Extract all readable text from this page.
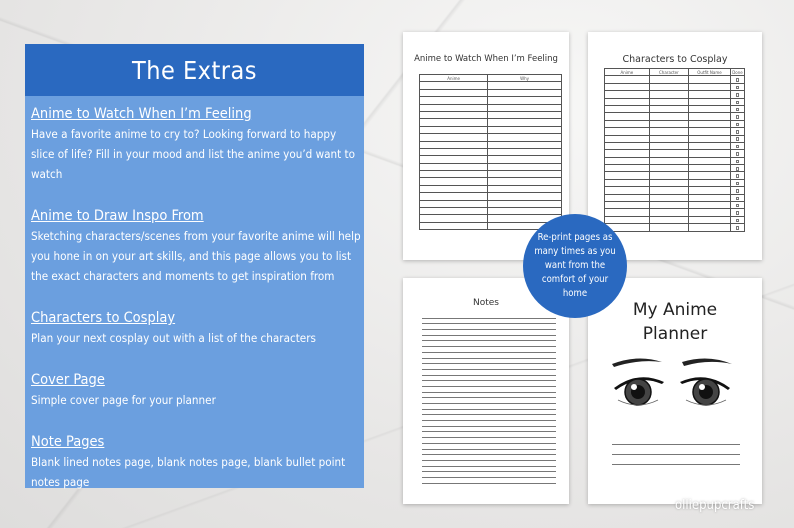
The Extras
Anime to Watch When I’m Feeling
Have a favorite anime to cry to? Looking forward to happy slice of life? Fill in your mood and list the anime you’d want to watch
Anime to Draw Inspo From
Sketching characters/scenes from your favorite anime will help you hone in on your art skills, and this page allows you to list the exact characters and moments to get inspiration from
Characters to Cosplay
Plan your next cosplay out with a list of the characters
Cover Page
Simple cover page for your planner
Note Pages
Blank lined notes page, blank notes page, blank bullet point notes page
Anime to Watch When I’m Feeling
Anime	Why

Characters to Cosplay
Anime	Character	Outfit Name	Done

Notes	My Anime
Planner
Re-print pages as many times as you want from the comfort of your home
olliepupcrafts
